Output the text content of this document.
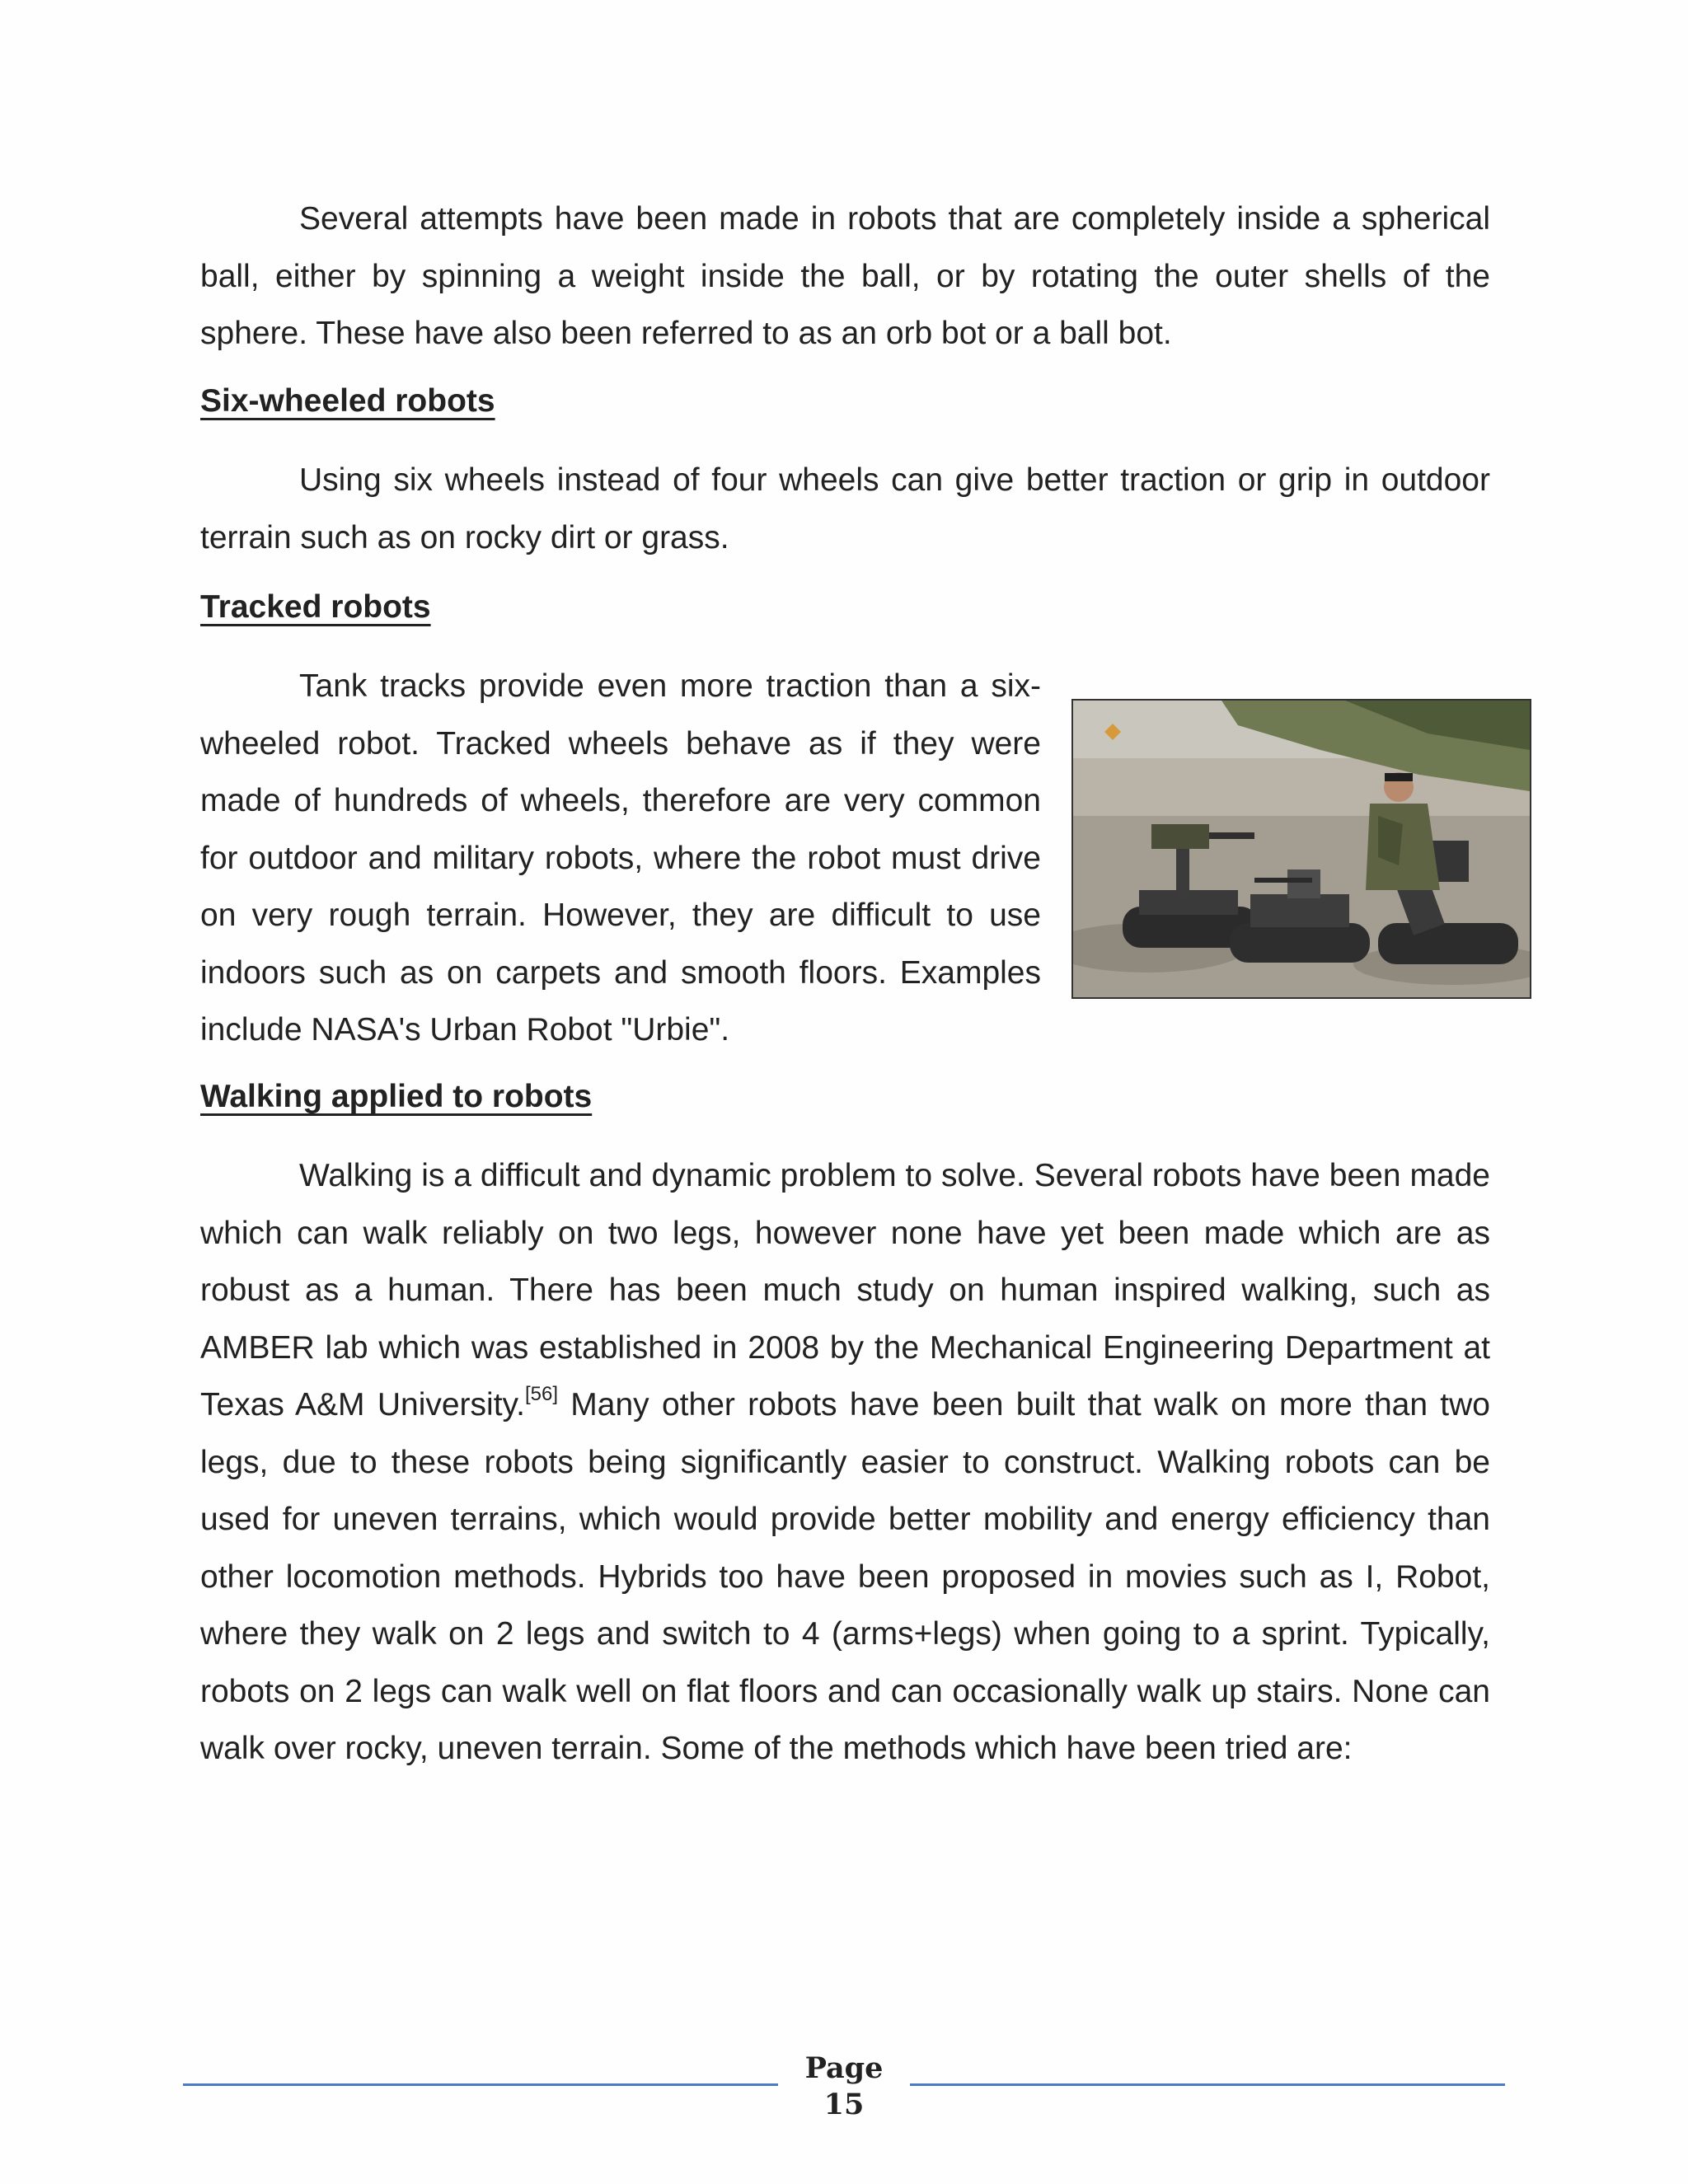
Several attempts have been made in robots that are completely inside a spherical ball, either by spinning a weight inside the ball, or by rotating the outer shells of the sphere. These have also been referred to as an orb bot or a ball bot.

Six-wheeled robots

Using six wheels instead of four wheels can give better traction or grip in outdoor terrain such as on rocky dirt or grass.

Tracked robots

Tank tracks provide even more traction than a six-wheeled robot. Tracked wheels behave as if they were made of hundreds of wheels, therefore are very common for outdoor and military robots, where the robot must drive on very rough terrain. However, they are difficult to use indoors such as on carpets and smooth floors. Examples include NASA's Urban Robot "Urbie".

Walking applied to robots

Walking is a difficult and dynamic problem to solve. Several robots have been made which can walk reliably on two legs, however none have yet been made which are as robust as a human. There has been much study on human inspired walking, such as AMBER lab which was established in 2008 by the Mechanical Engineering Department at Texas A&M University.[56] Many other robots have been built that walk on more than two legs, due to these robots being significantly easier to construct. Walking robots can be used for uneven terrains, which would provide better mobility and energy efficiency than other locomotion methods. Hybrids too have been proposed in movies such as I, Robot, where they walk on 2 legs and switch to 4 (arms+legs) when going to a sprint. Typically, robots on 2 legs can walk well on flat floors and can occasionally walk up stairs. None can walk over rocky, uneven terrain. Some of the methods which have been tried are:

Page
15
